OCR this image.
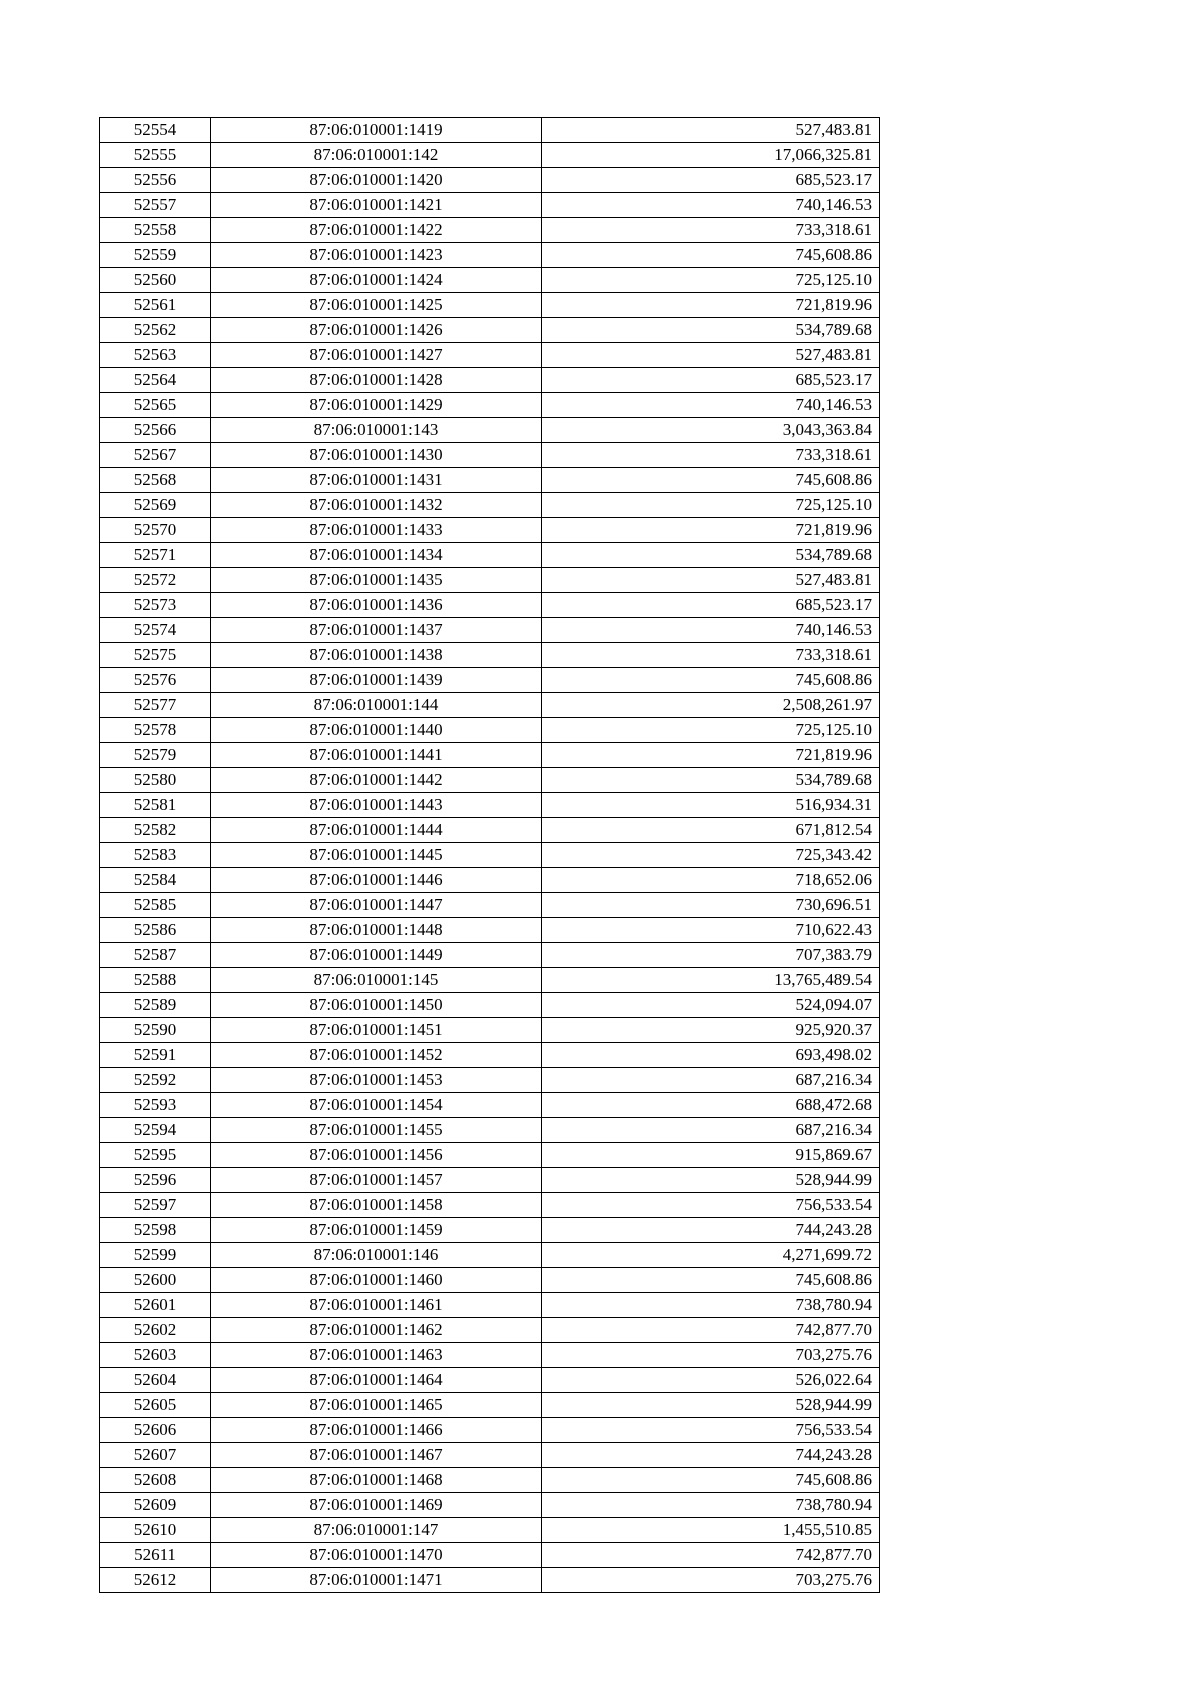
52554	87:06:010001:1419	527,483.81
52555	87:06:010001:142	17,066,325.81
52556	87:06:010001:1420	685,523.17
52557	87:06:010001:1421	740,146.53
52558	87:06:010001:1422	733,318.61
52559	87:06:010001:1423	745,608.86
52560	87:06:010001:1424	725,125.10
52561	87:06:010001:1425	721,819.96
52562	87:06:010001:1426	534,789.68
52563	87:06:010001:1427	527,483.81
52564	87:06:010001:1428	685,523.17
52565	87:06:010001:1429	740,146.53
52566	87:06:010001:143	3,043,363.84
52567	87:06:010001:1430	733,318.61
52568	87:06:010001:1431	745,608.86
52569	87:06:010001:1432	725,125.10
52570	87:06:010001:1433	721,819.96
52571	87:06:010001:1434	534,789.68
52572	87:06:010001:1435	527,483.81
52573	87:06:010001:1436	685,523.17
52574	87:06:010001:1437	740,146.53
52575	87:06:010001:1438	733,318.61
52576	87:06:010001:1439	745,608.86
52577	87:06:010001:144	2,508,261.97
52578	87:06:010001:1440	725,125.10
52579	87:06:010001:1441	721,819.96
52580	87:06:010001:1442	534,789.68
52581	87:06:010001:1443	516,934.31
52582	87:06:010001:1444	671,812.54
52583	87:06:010001:1445	725,343.42
52584	87:06:010001:1446	718,652.06
52585	87:06:010001:1447	730,696.51
52586	87:06:010001:1448	710,622.43
52587	87:06:010001:1449	707,383.79
52588	87:06:010001:145	13,765,489.54
52589	87:06:010001:1450	524,094.07
52590	87:06:010001:1451	925,920.37
52591	87:06:010001:1452	693,498.02
52592	87:06:010001:1453	687,216.34
52593	87:06:010001:1454	688,472.68
52594	87:06:010001:1455	687,216.34
52595	87:06:010001:1456	915,869.67
52596	87:06:010001:1457	528,944.99
52597	87:06:010001:1458	756,533.54
52598	87:06:010001:1459	744,243.28
52599	87:06:010001:146	4,271,699.72
52600	87:06:010001:1460	745,608.86
52601	87:06:010001:1461	738,780.94
52602	87:06:010001:1462	742,877.70
52603	87:06:010001:1463	703,275.76
52604	87:06:010001:1464	526,022.64
52605	87:06:010001:1465	528,944.99
52606	87:06:010001:1466	756,533.54
52607	87:06:010001:1467	744,243.28
52608	87:06:010001:1468	745,608.86
52609	87:06:010001:1469	738,780.94
52610	87:06:010001:147	1,455,510.85
52611	87:06:010001:1470	742,877.70
52612	87:06:010001:1471	703,275.76
